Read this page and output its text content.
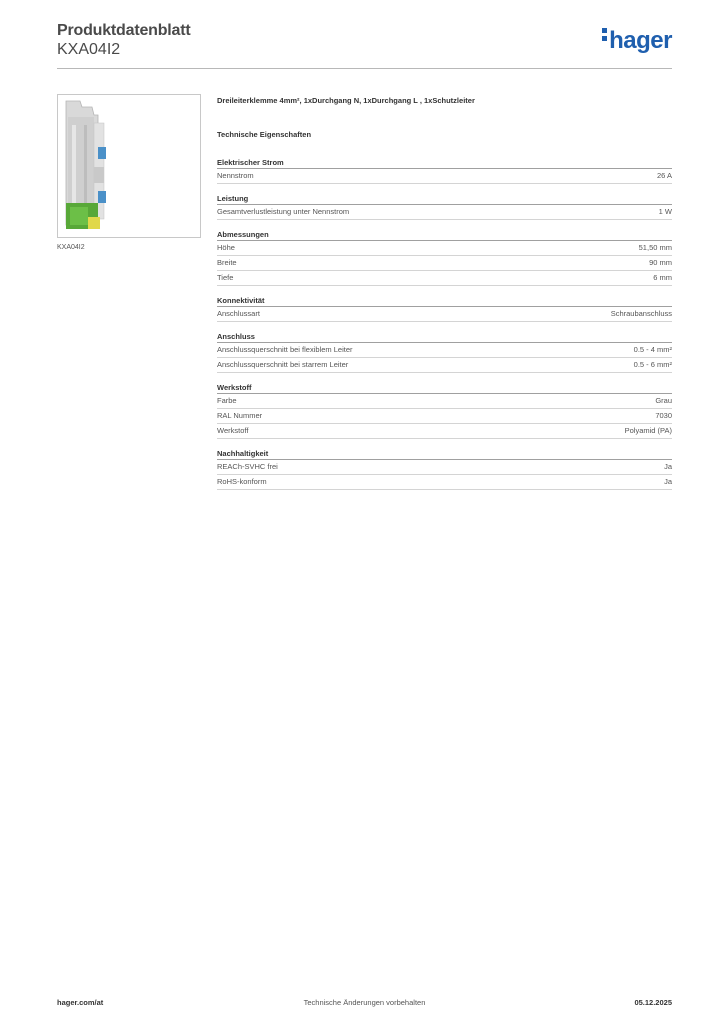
Produktdatenblatt
KXA04I2	hager
KXA04I2
Dreileiterklemme 4mm², 1xDurchgang N, 1xDurchgang L , 1xSchutzleiter
Technische Eigenschaften
Elektrischer Strom
Nennstrom	26 A
Leistung
Gesamtverlustleistung unter Nennstrom	1 W
Abmessungen
Höhe	51,50 mm
Breite	90 mm
Tiefe	6 mm
Konnektivität
Anschlussart	Schraubanschluss
Anschluss
Anschlussquerschnitt bei flexiblem Leiter	0.5 - 4 mm²
Anschlussquerschnitt bei starrem Leiter	0.5 - 6 mm²
Werkstoff
Farbe	Grau
RAL Nummer	7030
Werkstoff	Polyamid (PA)
Nachhaltigkeit
REACh-SVHC frei	Ja
RoHS-konform	Ja
hager.com/at	Technische Änderungen vorbehalten	05.12.2025
